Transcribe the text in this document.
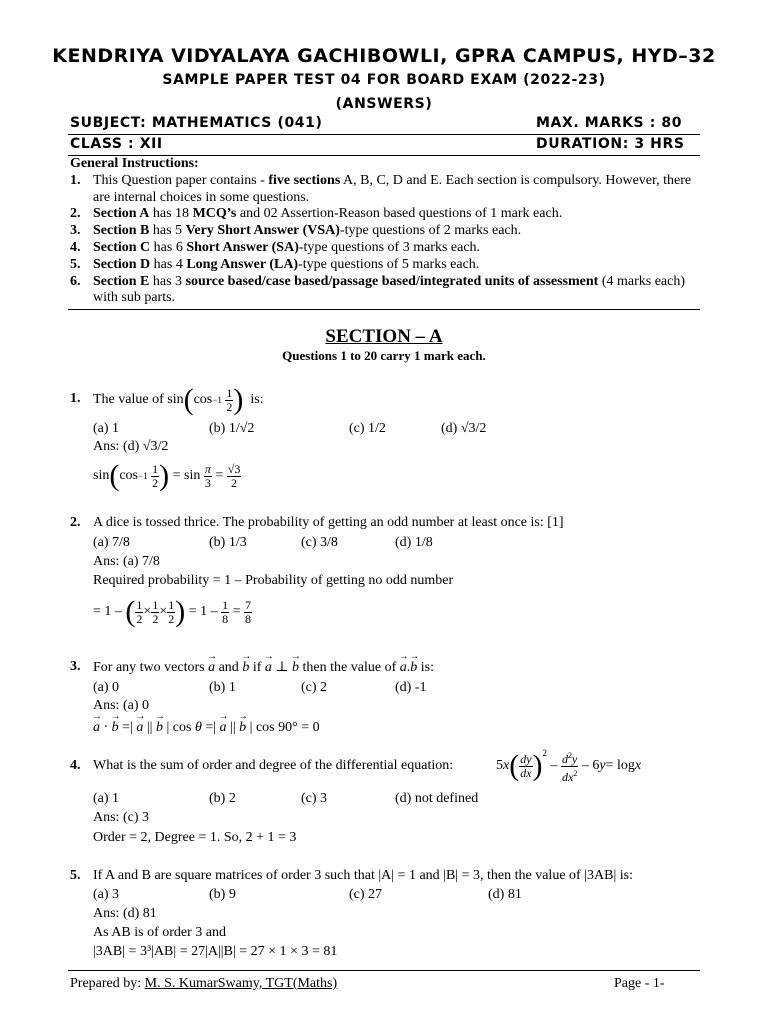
KENDRIYA VIDYALAYA GACHIBOWLI, GPRA CAMPUS, HYD–32
SAMPLE PAPER TEST 04 FOR BOARD EXAM (2022-23)
(ANSWERS)
SUBJECT: MATHEMATICS (041)	MAX. MARKS : 80
CLASS : XII	DURATION: 3 HRS
General Instructions:
1. This Question paper contains - five sections A, B, C, D and E. Each section is compulsory. However, there are internal choices in some questions.
2. Section A has 18 MCQ’s and 02 Assertion-Reason based questions of 1 mark each.
3. Section B has 5 Very Short Answer (VSA)-type questions of 2 marks each.
4. Section C has 6 Short Answer (SA)-type questions of 3 marks each.
5. Section D has 4 Long Answer (LA)-type questions of 5 marks each.
6. Section E has 3 source based/case based/passage based/integrated units of assessment (4 marks each) with sub parts.
SECTION – A
Questions 1 to 20 carry 1 mark each.
1. The value of sin ( cos −1
$\frac{1}{2}$ )
is:
(a) 1	(b) 1/√2	(c) 1/2	(d) √3/2
Ans: (d) √3/2
sin ( cos −1
$\frac{1}{2}$ ) = $\sin \frac{\pi}{3} = \frac{√3}{2}$
2. A dice is tossed thrice. The probability of getting an odd number at least once is: [1]
(a) 7/8	(b) 1/3	(c) 3/8	(d) 1/8
Ans: (a) 7/8
Required probability = 1 – Probability of getting no odd number
= 1 – ( $\frac{1}{2} \times \frac{1}{2} \times \frac{1}{2}$ ) = $1 - \frac{1}{8} = \frac{7}{8}$
3. For any two vectors → a and → b if → a ⊥ → b then the value of → a.→ b is:
(a) 0	(b) 1	(c) 2	(d) -1
Ans: (a) 0
→ a · → b =| → a || → b | cos θ =| → a || → b | cos 90° = 0
4. What is the sum of order and degree of the differential equation:	5 x ( $\frac{dy}{dx} )^2$
– $\frac{d^2y}{dx^2} - 6$ y = log x
(a) 1	(b) 2	(c) 3	(d) not defined
Ans: (c) 3
Order = 2, Degree = 1. So, 2 + 1 = 3
5. If A and B are square matrices of order 3 such that |A| = 1 and |B| = 3, then the value of |3AB| is:
(a) 3	(b) 9	(c) 27	(d) 81
Ans: (d) 81
As AB is of order 3 and
|3AB| = 3³|AB| = 27|A||B| = 27 × 1 × 3 = 81
Prepared by: M. S. KumarSwamy, TGT(Maths)	Page - 1-
